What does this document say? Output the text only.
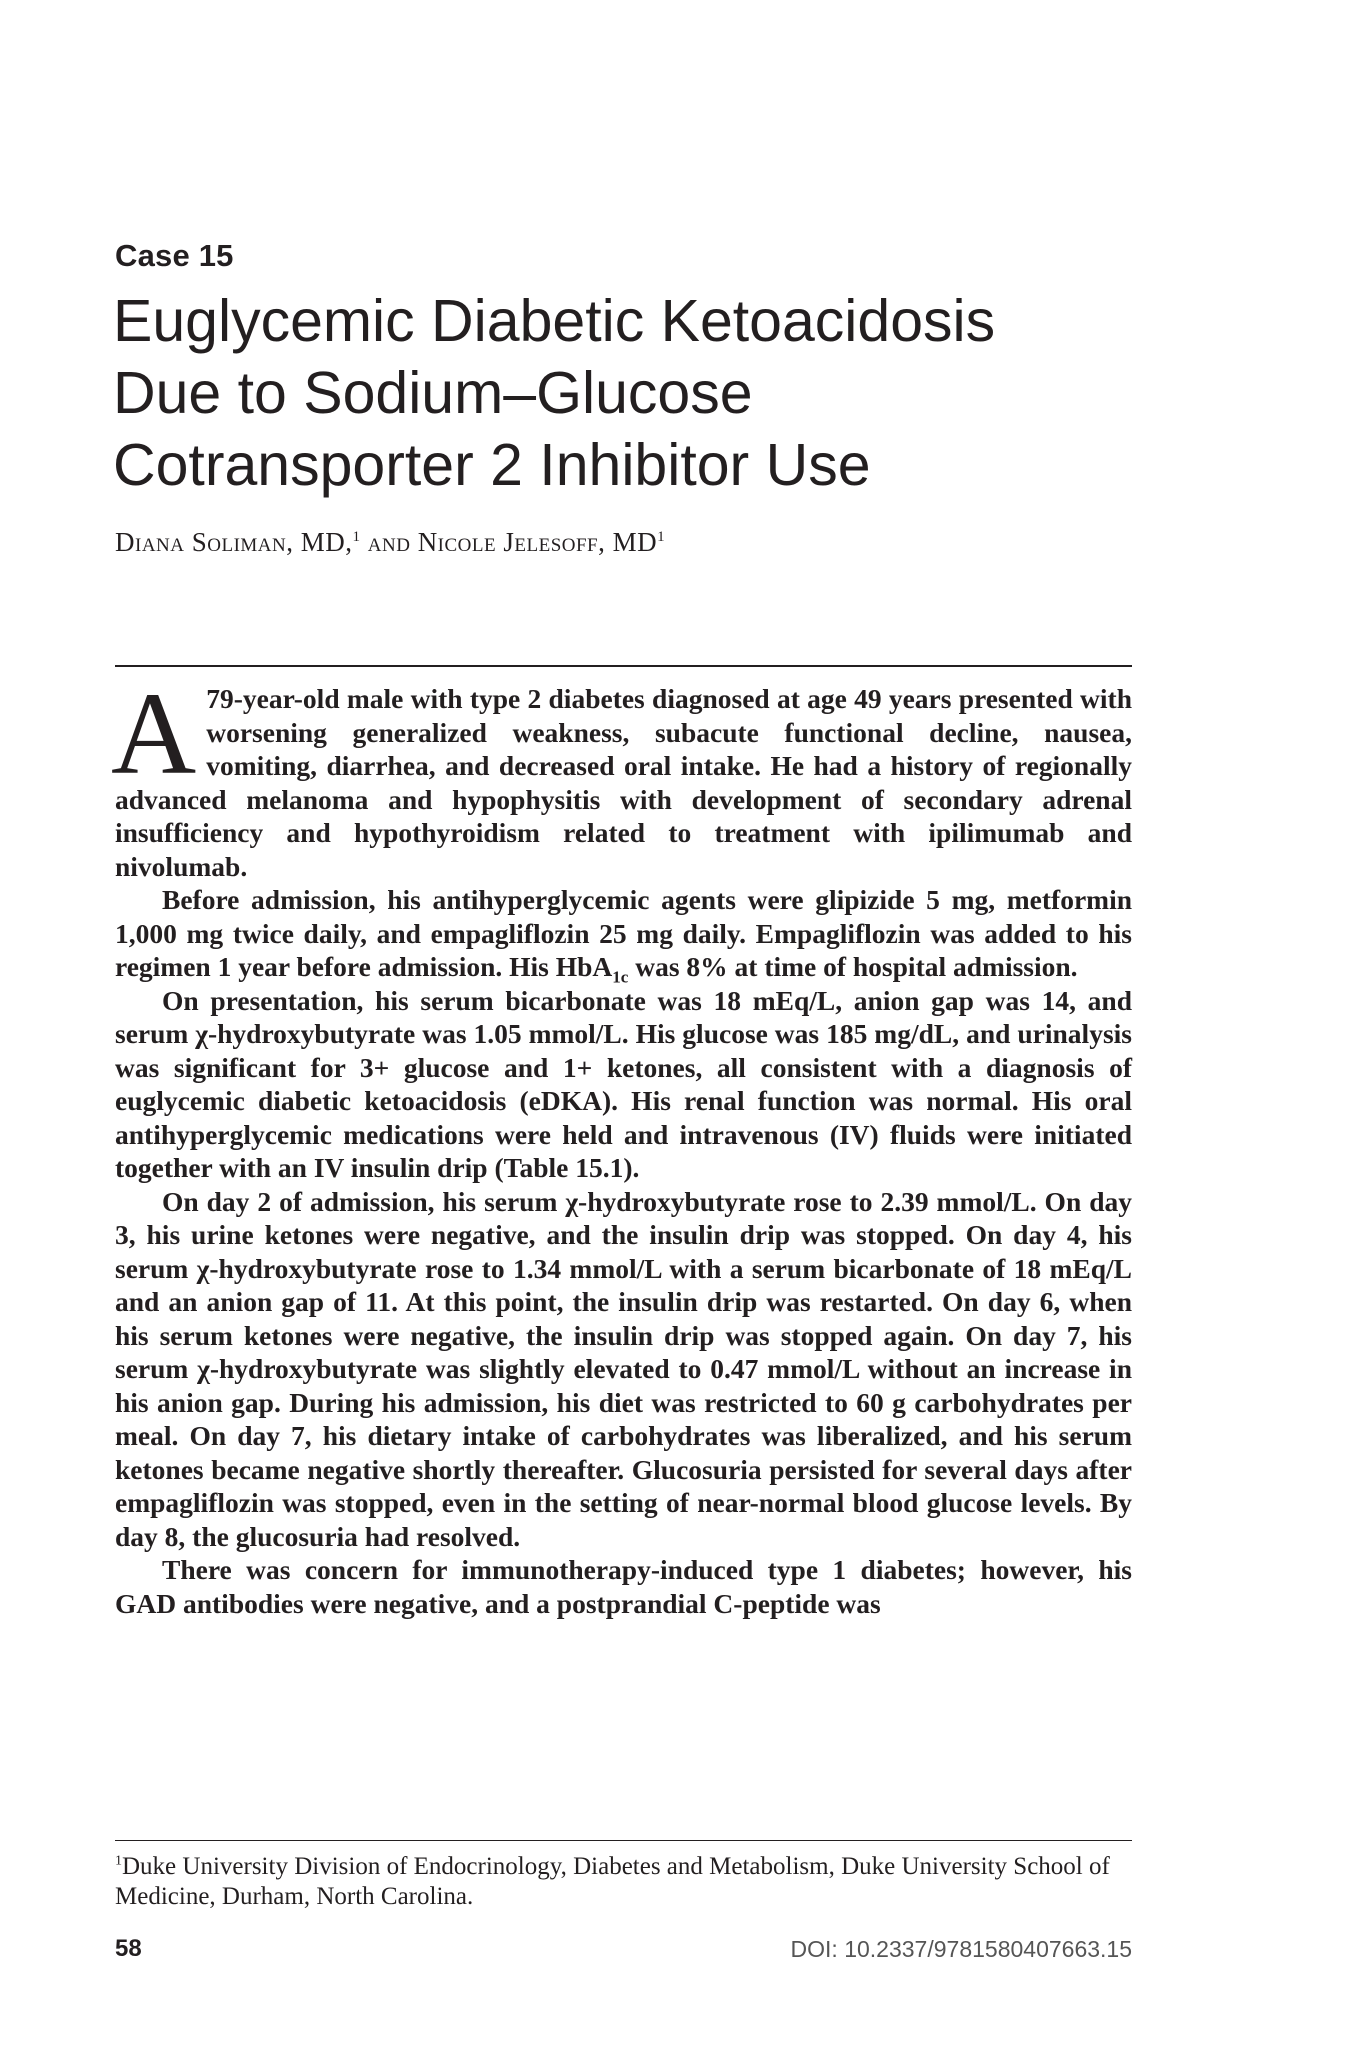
Case 15
Euglycemic Diabetic Ketoacidosis
Due to Sodium–Glucose
Cotransporter 2 Inhibitor Use
Diana Soliman, MD,$^1$ and Nicole Jelesoff, $MD^1$

A 79-year-old male with type 2 diabetes diagnosed at age 49 years presented with worsening generalized weakness, subacute functional decline, nausea, vomiting, diarrhea, and decreased oral intake. He had a history of regionally advanced melanoma and hypophysitis with development of secondary adrenal insufficiency and hypothyroidism related to treatment with ipilimumab and nivolumab.

Before admission, his antihyperglycemic agents were glipizide 5 mg, metformin 1,000 mg twice daily, and empagliflozin 25 mg daily. Empagliflozin was added to his regimen 1 year before admission. His HbA$_{1c}$ was 8% at time of hospital admission.

On presentation, his serum bicarbonate was 18 mEq/L, anion gap was 14, and serum χ-hydroxybutyrate was 1.05 mmol/L. His glucose was 185 mg/dL, and urinalysis was significant for 3+ glucose and 1+ ketones, all consistent with a diagnosis of euglycemic diabetic ketoacidosis (eDKA). His renal function was normal. His oral antihyperglycemic medications were held and intravenous (IV) fluids were initiated together with an IV insulin drip (Table 15.1).

On day 2 of admission, his serum χ-hydroxybutyrate rose to 2.39 mmol/L. On day 3, his urine ketones were negative, and the insulin drip was stopped. On day 4, his serum χ-hydroxybutyrate rose to 1.34 mmol/L with a serum bicarbonate of 18 mEq/L and an anion gap of 11. At this point, the insulin drip was restarted. On day 6, when his serum ketones were negative, the insulin drip was stopped again. On day 7, his serum χ-hydroxybutyrate was slightly elevated to 0.47 mmol/L without an increase in his anion gap. During his admission, his diet was restricted to 60 g carbohydrates per meal. On day 7, his dietary intake of carbohydrates was liberalized, and his serum ketones became negative shortly thereafter. Glucosuria persisted for several days after empagliflozin was stopped, even in the setting of near-normal blood glucose levels. By day 8, the glucosuria had resolved.

There was concern for immunotherapy-induced type 1 diabetes; however, his GAD antibodies were negative, and a postprandial C-peptide was

$^1$Duke University Division of Endocrinology, Diabetes and Metabolism, Duke University School of Medicine, Durham, North Carolina.
58	DOI: 10.2337/9781580407663.15
